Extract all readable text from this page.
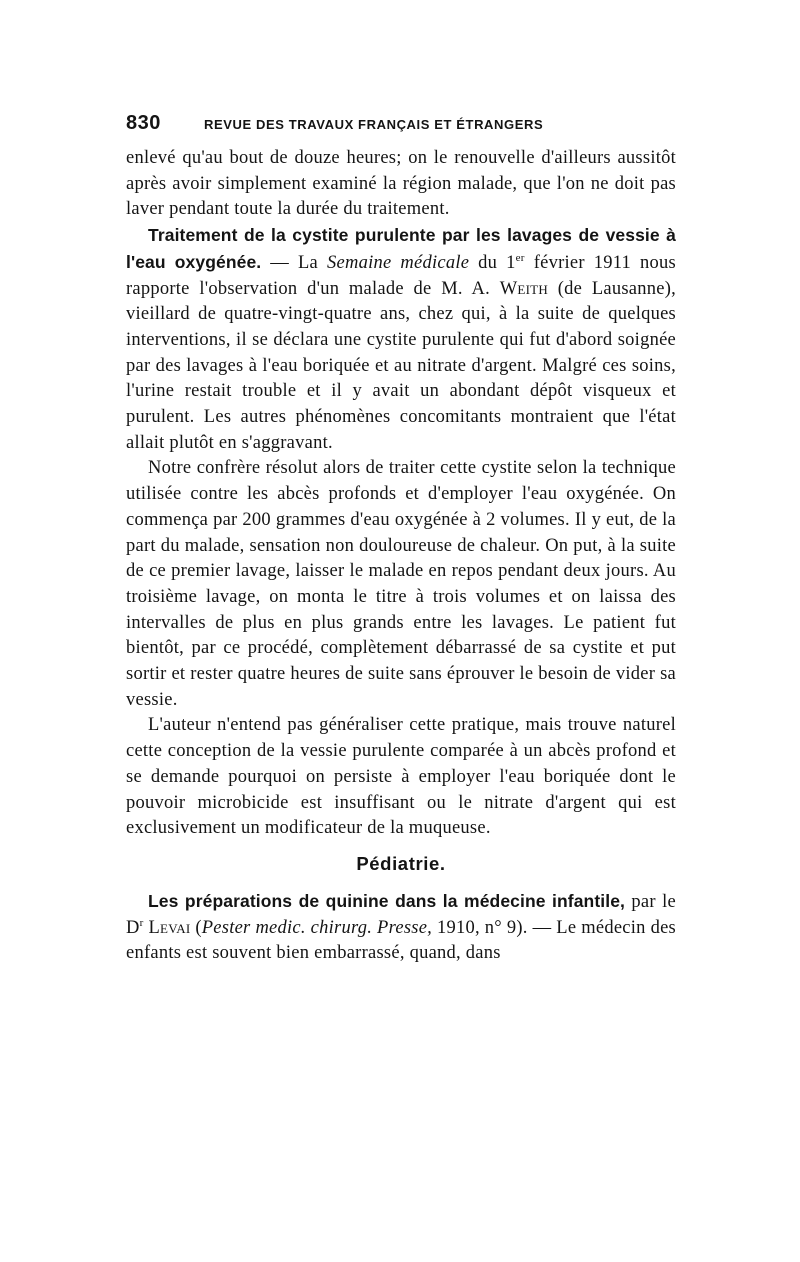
830	REVUE DES TRAVAUX FRANÇAIS ET ÉTRANGERS

enlevé qu'au bout de douze heures; on le renouvelle d'ailleurs aussitôt après avoir simplement examiné la région malade, que l'on ne doit pas laver pendant toute la durée du traitement.

Traitement de la cystite purulente par les lavages de vessie à l'eau oxygénée. — La Semaine médicale du 1er février 1911 nous rapporte l'observation d'un malade de M. A. Weith (de Lausanne), vieillard de quatre-vingt-quatre ans, chez qui, à la suite de quelques interventions, il se déclara une cystite purulente qui fut d'abord soignée par des lavages à l'eau boriquée et au nitrate d'argent. Malgré ces soins, l'urine restait trouble et il y avait un abondant dépôt visqueux et purulent. Les autres phénomènes concomitants montraient que l'état allait plutôt en s'aggravant.

Notre confrère résolut alors de traiter cette cystite selon la technique utilisée contre les abcès profonds et d'employer l'eau oxygénée. On commença par 200 grammes d'eau oxygénée à 2 volumes. Il y eut, de la part du malade, sensation non douloureuse de chaleur. On put, à la suite de ce premier lavage, laisser le malade en repos pendant deux jours. Au troisième lavage, on monta le titre à trois volumes et on laissa des intervalles de plus en plus grands entre les lavages. Le patient fut bientôt, par ce procédé, complètement débarrassé de sa cystite et put sortir et rester quatre heures de suite sans éprouver le besoin de vider sa vessie.

L'auteur n'entend pas généraliser cette pratique, mais trouve naturel cette conception de la vessie purulente comparée à un abcès profond et se demande pourquoi on persiste à employer l'eau boriquée dont le pouvoir microbicide est insuffisant ou le nitrate d'argent qui est exclusivement un modificateur de la muqueuse.

Pédiatrie.

Les préparations de quinine dans la médecine infantile, par le $D^r$ Levai (Pester medic. chirurg. Presse, 1910, n° 9). — Le médecin des enfants est souvent bien embarrassé, quand, dans
